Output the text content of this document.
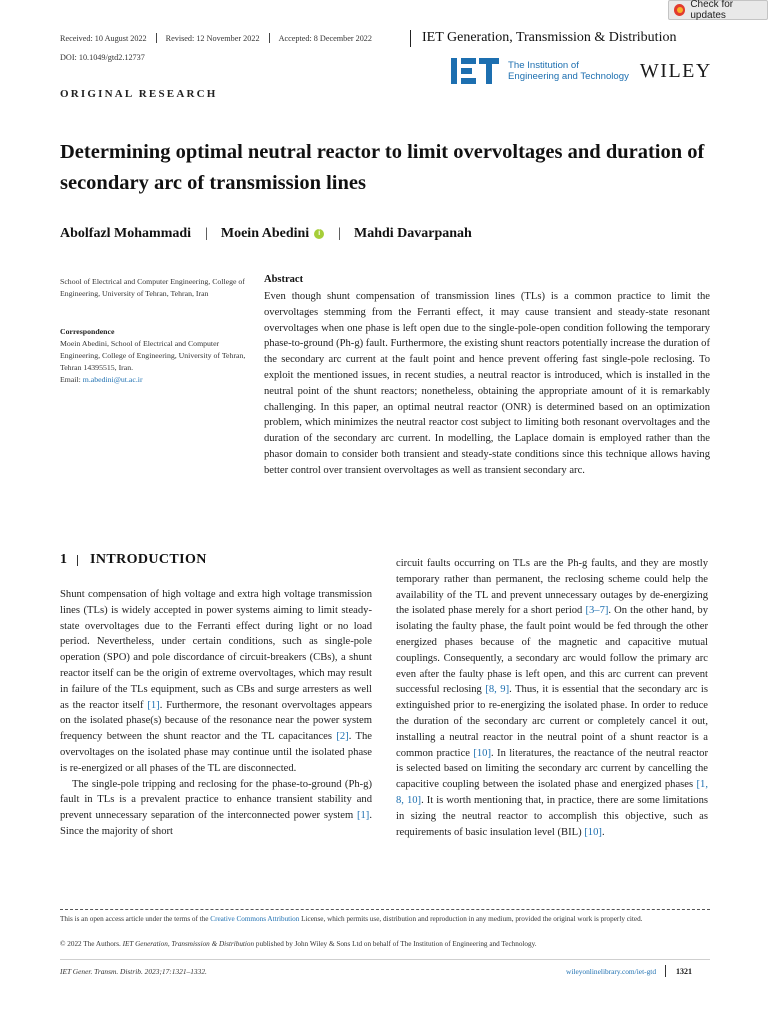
Check for updates
Received: 10 August 2022 Revised: 12 November 2022 Accepted: 8 December 2022	IET Generation, Transmission & Distribution
DOI: 10.1049/gtd2.12737	IET
The Institution of
Engineering and Technology WILEY
ORIGINAL RESEARCH
Determining optimal neutral reactor to limit overvoltages and duration of secondary arc of transmission lines
Abolfazl Mohammadi | Moein Abedini	i | Mahdi Davarpanah
School of Electrical and Computer Engineering, College of Engineering, University of Tehran, Tehran, Iran
Correspondence
Moein Abedini, School of Electrical and Computer Engineering, College of Engineering, University of Tehran, Tehran 14395515, Iran.
Email: m.abedini@ut.ac.ir
Abstract
Even though shunt compensation of transmission lines (TLs) is a common practice to limit the overvoltages stemming from the Ferranti effect, it may cause transient and steady-state resonant overvoltages when one phase is left open due to the single-pole-open condition following the temporary phase-to-ground (Ph-g) fault. Furthermore, the existing shunt reactors potentially increase the duration of the secondary arc current at the fault point and hence prevent offering fast single-pole reclosing. To exploit the mentioned issues, in recent studies, a neutral reactor is introduced, which is installed in the neutral point of the shunt reactors; nonetheless, obtaining the appropriate amount of it is remarkably challenging. In this paper, an optimal neutral reactor (ONR) is determined based on an optimization problem, which minimizes the neutral reactor cost subject to limiting both resonant overvoltages and the duration of the secondary arc current. In modelling, the Laplace domain is employed rather than the phasor domain to consider both transient and steady-state conditions since this technique allows having better control over transient overvoltages as well as transient secondary arc.
1 INTRODUCTION

Shunt compensation of high voltage and extra high voltage transmission lines (TLs) is widely accepted in power systems aiming to limit steady-state overvoltages due to the Ferranti effect during light or no load period. Nevertheless, under certain conditions, such as single-pole operation (SPO) and pole discordance of circuit-breakers (CBs), a shunt reactor itself can be the origin of extreme overvoltages, which may result in failure of the TLs equipment, such as CBs and surge arresters as well as the reactor itself [1]. Furthermore, the resonant overvoltages appears on the isolated phase(s) because of the resonance near the power system frequency between the shunt reactor and the TL capacitances [2]. The overvoltages on the isolated phase may continue until the isolated phase is re-energized or all phases of the TL are disconnected.

The single-pole tripping and reclosing for the phase-to-ground (Ph-g) fault in TLs is a prevalent practice to enhance transient stability and prevent unnecessary separation of the interconnected power system [1]. Since the majority of short

circuit faults occurring on TLs are the Ph-g faults, and they are mostly temporary rather than permanent, the reclosing scheme could help the availability of the TL and prevent unnecessary outages by de-energizing the isolated phase merely for a short period [3–7]. On the other hand, by isolating the faulty phase, the fault point would be fed through the other energized phases because of the magnetic and capacitive mutual couplings. Consequently, a secondary arc would follow the primary arc even after the faulty phase is left open, and this arc current can prevent successful reclosing [8, 9]. Thus, it is essential that the secondary arc is extinguished prior to re-energizing the isolated phase. In order to reduce the duration of the secondary arc current or completely cancel it out, installing a neutral reactor in the neutral point of a shunt reactor is a common practice [10]. In literatures, the reactance of the neutral reactor is selected based on limiting the secondary arc current by cancelling the capacitive coupling between the isolated phase and energized phases [1, 8, 10]. It is worth mentioning that, in practice, there are some limitations in sizing the neutral reactor to accomplish this objective, such as requirements of basic insulation level (BIL) [10].

This is an open access article under the terms of the Creative Commons Attribution License, which permits use, distribution and reproduction in any medium, provided the original work is properly cited.
© 2022 The Authors. IET Generation, Transmission & Distribution published by John Wiley & Sons Ltd on behalf of The Institution of Engineering and Technology.
IET Gener. Transm. Distrib. 2023;17:1321–1332.	wileyonlinelibrary.com/iet-gtd	1321
